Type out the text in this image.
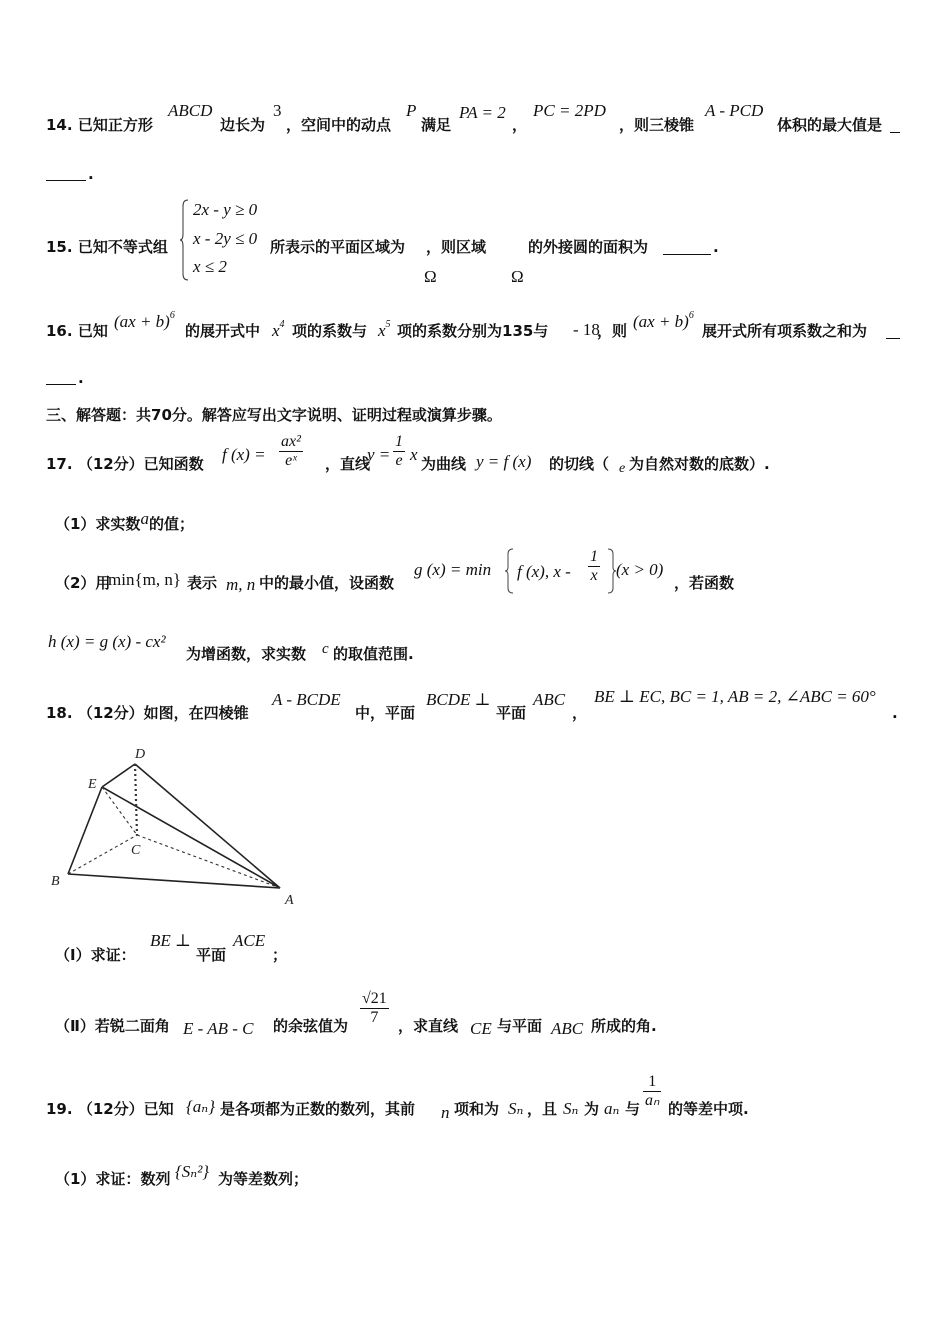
14. 已知正方形
ABCD
边长为
3
，空间中的动点
P
满足
PA = 2
，
PC = 2PD
，则三棱锥
A - PCD
体积的最大值是
.
15. 已知不等式组
2x - y ≥ 0
x - 2y ≤ 0
x ≤ 2
所表示的平面区域为 ，则区域	的外接圆的面积为	.
Ω	Ω
16. 已知 (ax + b)$^6$
的展开式中 $x^4$ 项的系数与 $x^5$ 项的系数分别为135与 - 18
，则 (ax + b)$^6$
展开式所有项系数之和为
.
三、解答题：共70分。解答应写出文字说明、证明过程或演算步骤。
17. （12分）已知函数 f $(x) = \frac{\text{ax²}}{\text{eˣ}}$ ，直线
$y = \frac{1}{e}$ x 为曲线 y = f (x) 的切线（ e 为自然对数的底数）.
（1）求实数a的值；
（2）用
min{m, n} 表示 m, n 中的最小值，设函数
g (x) = min f (x), $x - \frac{1}{x} (x > 0)$
，若函数
h (x) = g (x) - cx²
为增函数，求实数 c 的取值范围.
18. （12分）如图，在四棱锥
A - BCDE
中，平面
BCDE ⊥
平面
ABC
，
BE ⊥ EC, BC = 1, AB = 2, ∠ABC = 60°
.
D
E
C
B
A
（Ⅰ）求证：
BE ⊥
平面
ACE
；
（Ⅱ）若锐二面角 E - AB - C 的余弦值为 $\frac{√21}{7}$ ，求直线 CE 与平面 ABC 所成的角.
19. （12分）已知 {aₙ} 是各项都为正数的数列，其前 n 项和为 Sₙ ，且 Sₙ 为 aₙ 与 $\frac{1}{\text{aₙ}}$ 的等差中项.
（1）求证：数列 {Sₙ²} 为等差数列；
